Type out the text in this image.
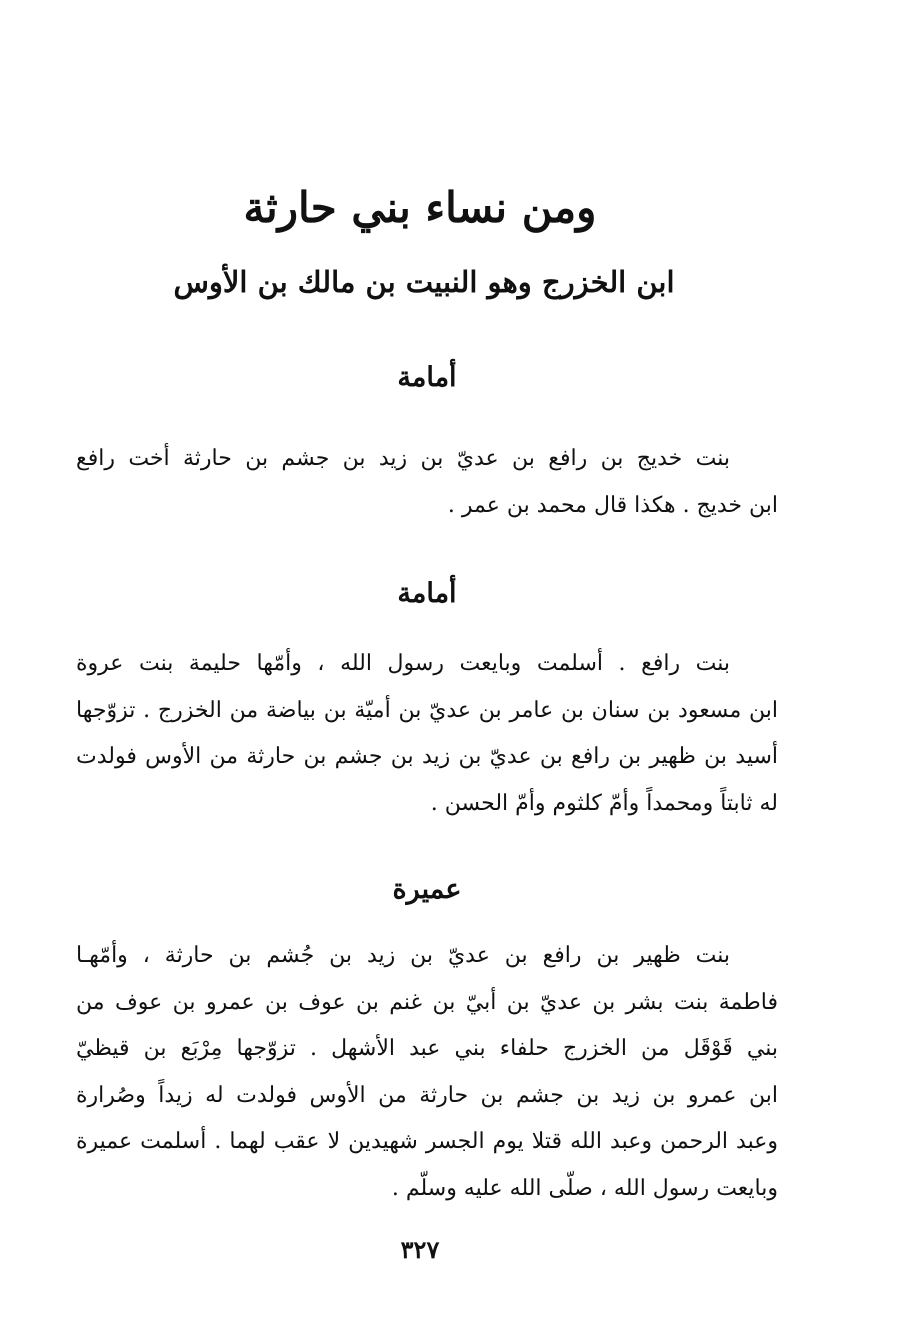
ومن نساء بني حارثة
ابن الخزرج وهو النبيت بن مالك بن الأوس
أمامة
بنت خديج بن رافع بن عديّ بن زيد بن جشم بن حارثة أخت رافع
ابن خديج . هكذا قال محمد بن عمر .
أمامة
بنت رافع . أسلمت وبايعت رسول الله ، وأمّها حليمة بنت عروة
ابن مسعود بن سنان بن عامر بن عديّ بن أميّة بن بياضة من الخزرج . تزوّجها
أسيد بن ظهير بن رافع بن عديّ بن زيد بن جشم بن حارثة من الأوس فولدت
له ثابتاً ومحمداً وأمّ كلثوم وأمّ الحسن .
عميرة
بنت ظهير بن رافع بن عديّ بن زيد بن جُشم بن حارثة ، وأمّهـا
فاطمة بنت بشر بن عديّ بن أبيّ بن غنم بن عوف بن عمرو بن عوف من
بني قَوْقَل من الخزرج حلفاء بني عبد الأشهل . تزوّجها مِرْبَع بن قيظيّ
ابن عمرو بن زيد بن جشم بن حارثة من الأوس فولدت له زيداً وصُرارة
وعبد الرحمن وعبد الله قتلا يوم الجسر شهيدين لا عقب لهما . أسلمت عميرة
وبايعت رسول الله ، صلّى الله عليه وسلّم .
٣٢٧
